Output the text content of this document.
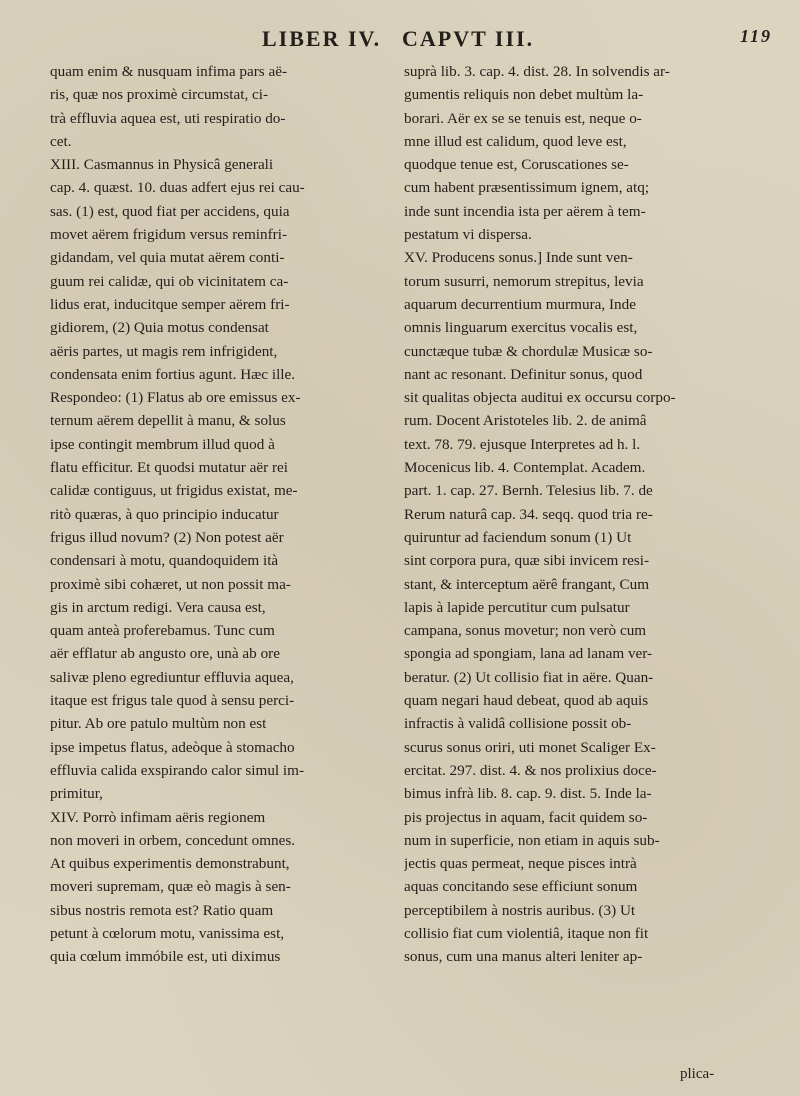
LIBER IV. CAPVT III.	119
quam enim & nusquam infima pars aë-
ris, quæ nos proximè circumstat, ci-
trà effluvia aquea est, uti respiratio do-
cet.
XIII. Casmannus in Physicâ generali
cap. 4. quæst. 10. duas adfert ejus rei cau-
sas. (1) est, quod fiat per accidens, quia
movet aërem frigidum versus reminfri-
gidandam, vel quia mutat aërem conti-
guum rei calidæ, qui ob vicinitatem ca-
lidus erat, inducitque semper aërem fri-
gidiorem, (2) Quia motus condensat
aëris partes, ut magis rem infrigident,
condensata enim fortius agunt. Hæc ille.
Respondeo: (1) Flatus ab ore emissus ex-
ternum aërem depellit à manu, & solus
ipse contingit membrum illud quod à
flatu efficitur. Et quodsi mutatur aër rei
calidæ contiguus, ut frigidus existat, me-
ritò quæras, à quo principio inducatur
frigus illud novum? (2) Non potest aër
condensari à motu, quandoquidem ità
proximè sibi cohæret, ut non possit ma-
gis in arctum redigi. Vera causa est,
quam anteà proferebamus. Tunc cum
aër efflatur ab angusto ore, unà ab ore
salivæ pleno egrediuntur effluvia aquea,
itaque est frigus tale quod à sensu perci-
pitur. Ab ore patulo multùm non est
ipse impetus flatus, adeòque à stomacho
effluvia calida exspirando calor simul im-
primitur,
XIV. Porrò infimam aëris regionem
non moveri in orbem, concedunt omnes.
At quibus experimentis demonstrabunt,
moveri supremam, quæ eò magis à sen-
sibus nostris remota est? Ratio quam
petunt à cœlorum motu, vanissima est,
quia cœlum immóbile est, uti diximus
suprà lib. 3. cap. 4. dist. 28. In solvendis ar-
gumentis reliquis non debet multùm la-
borari. Aër ex se se tenuis est, neque o-
mne illud est calidum, quod leve est,
quodque tenue est, Coruscationes se-
cum habent præsentissimum ignem, atq;
inde sunt incendia ista per aërem à tem-
pestatum vi dispersa.
XV. Producens sonus.] Inde sunt ven-
torum susurri, nemorum strepitus, levia
aquarum decurrentium murmura, Inde
omnis linguarum exercitus vocalis est,
cunctæque tubæ & chordulæ Musicæ so-
nant ac resonant. Definitur sonus, quod
sit qualitas objecta auditui ex occursu corpo-
rum. Docent Aristoteles lib. 2. de animâ
text. 78. 79. ejusque Interpretes ad h. l.
Mocenicus lib. 4. Contemplat. Academ.
part. 1. cap. 27. Bernh. Telesius lib. 7. de
Rerum naturâ cap. 34. seqq. quod tria re-
quiruntur ad faciendum sonum (1) Ut
sint corpora pura, quæ sibi invicem resi-
stant, & interceptum aërê frangant, Cum
lapis à lapide percutitur cum pulsatur
campana, sonus movetur; non verò cum
spongia ad spongiam, lana ad lanam ver-
beratur. (2) Ut collisio fiat in aëre. Quan-
quam negari haud debeat, quod ab aquis
infractis à validâ collisione possit ob-
scurus sonus oriri, uti monet Scaliger Ex-
ercitat. 297. dist. 4. & nos prolixius doce-
bimus infrà lib. 8. cap. 9. dist. 5. Inde la-
pis projectus in aquam, facit quidem so-
num in superficie, non etiam in aquis sub-
jectis quas permeat, neque pisces intrà
aquas concitando sese efficiunt sonum
perceptibilem à nostris auribus. (3) Ut
collisio fiat cum violentiâ, itaque non fit
sonus, cum una manus alteri leniter ap-
plica-
